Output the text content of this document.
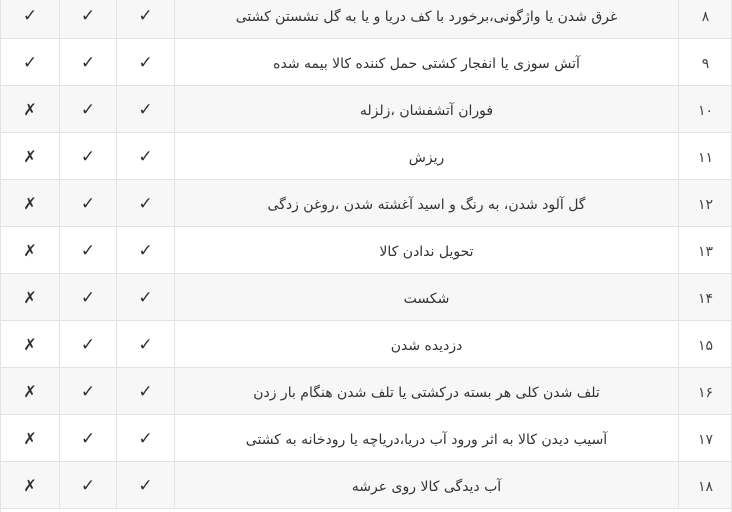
✓	✓	✓	غرق شدن یا واژگونی،برخورد با کف دریا و یا به گل نشستن کشتی	۸
✓	✓	✓	آتش سوزی یا انفجار کشتی حمل کننده کالا بیمه شده	۹
✗	✓	✓	فوران آتشفشان ،زلزله	۱۰
✗	✓	✓	ریزش	۱۱
✗	✓	✓	گل آلود شدن، به رنگ و اسید آغشته شدن ،روغن زدگی	۱۲
✗	✓	✓	تحویل ندادن کالا	۱۳
✗	✓	✓	شکست	۱۴
✗	✓	✓	دزدیده شدن	۱۵
✗	✓	✓	تلف شدن کلی هر بسته درکشتی یا تلف شدن هنگام بار زدن	۱۶
✗	✓	✓	آسیب دیدن کالا به اثر ورود آب دریا،دریاچه یا رودخانه به کشتی	۱۷
✗	✓	✓	آب دیدگی کالا روی عرشه	۱۸
